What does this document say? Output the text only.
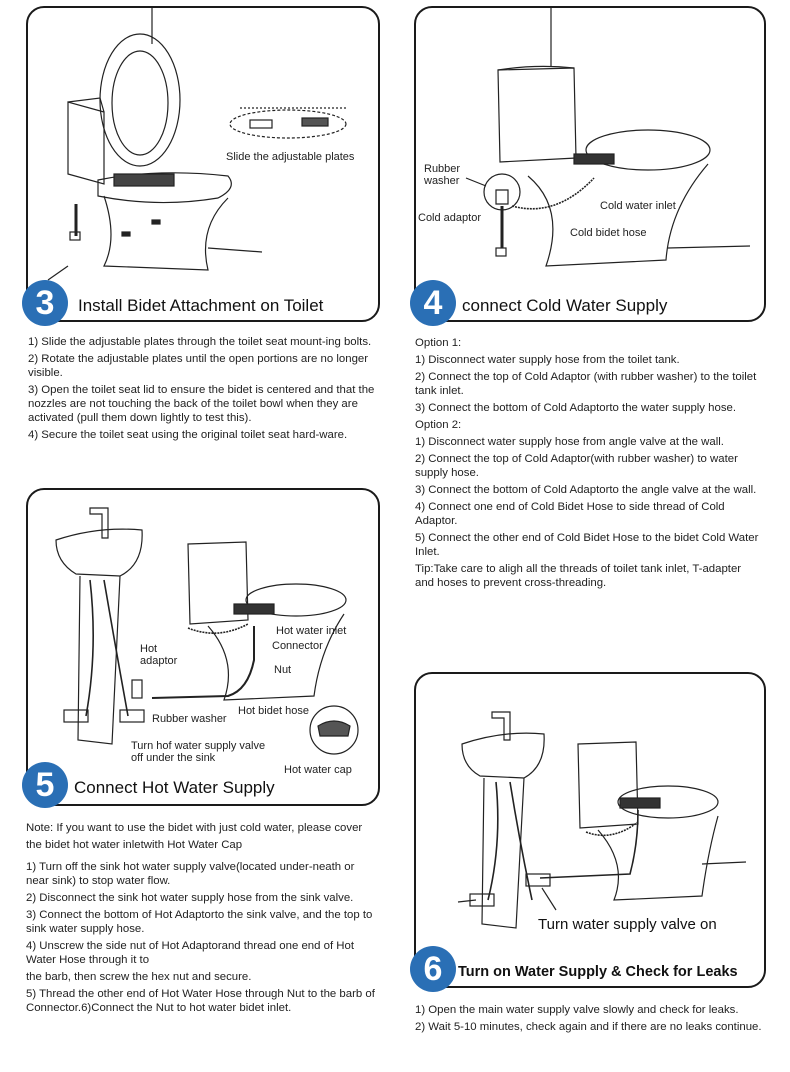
Slide the adjustable plates
3	Install Bidet Attachment on Toilet

1) Slide the adjustable plates through the toilet seat mount-ing bolts.

2) Rotate the adjustable plates until the open portions are no longer visible.

3) Open the toilet seat lid to ensure the bidet is centered and that the nozzles are not touching the back of the toilet bowl when they are activated (pull them down lightly to test this).

4) Secure the toilet seat using the original toilet seat hard-ware.

Rubber washer
Cold adaptor
Cold water inlet
Cold bidet hose
4	connect Cold Water Supply

Option 1:

1) Disconnect water supply hose from the toilet tank.

2) Connect the top of Cold Adaptor (with rubber washer) to the toilet tank inlet.

3) Connect the bottom of Cold Adaptorto the water supply hose.

Option 2:

1) Disconnect water supply hose from angle valve at the wall.

2) Connect the top of Cold Adaptor(with rubber washer) to water supply hose.

3) Connect the bottom of Cold Adaptorto the angle valve at the wall.

4) Connect one end of Cold Bidet Hose to side thread of Cold Adaptor.

5) Connect the other end of Cold Bidet Hose to the bidet Cold Water Inlet.

Tip:Take care to aligh all the threads of toilet tank inlet, T-adapter and hoses to prevent cross-threading.

Hot water inlet
Connector
Hot adaptor
Nut
Hot bidet hose
Rubber washer
Turn hof water supply valve off under the sink
Hot water cap
5	Connect Hot Water Supply

Note: If you want to use the bidet with just cold water, please cover the bidet hot water inletwith Hot Water Cap

1) Turn off the sink hot water supply valve(located under-neath or near sink) to stop water flow.

2) Disconnect the sink hot water supply hose from the sink valve.

3) Connect the bottom of Hot Adaptorto the sink valve, and the top to sink water supply hose.

4) Unscrew the side nut of Hot Adaptorand thread one end of Hot Water Hose through it to

the barb, then screw the hex nut and secure.

5) Thread the other end of Hot Water Hose through Nut to the barb of Connector.6)Connect the Nut to hot water bidet inlet.

Turn water supply valve on
6	Turn on Water Supply & Check for Leaks

1) Open the main water supply valve slowly and check for leaks.

2) Wait 5-10 minutes, check again and if there are no leaks continue.
